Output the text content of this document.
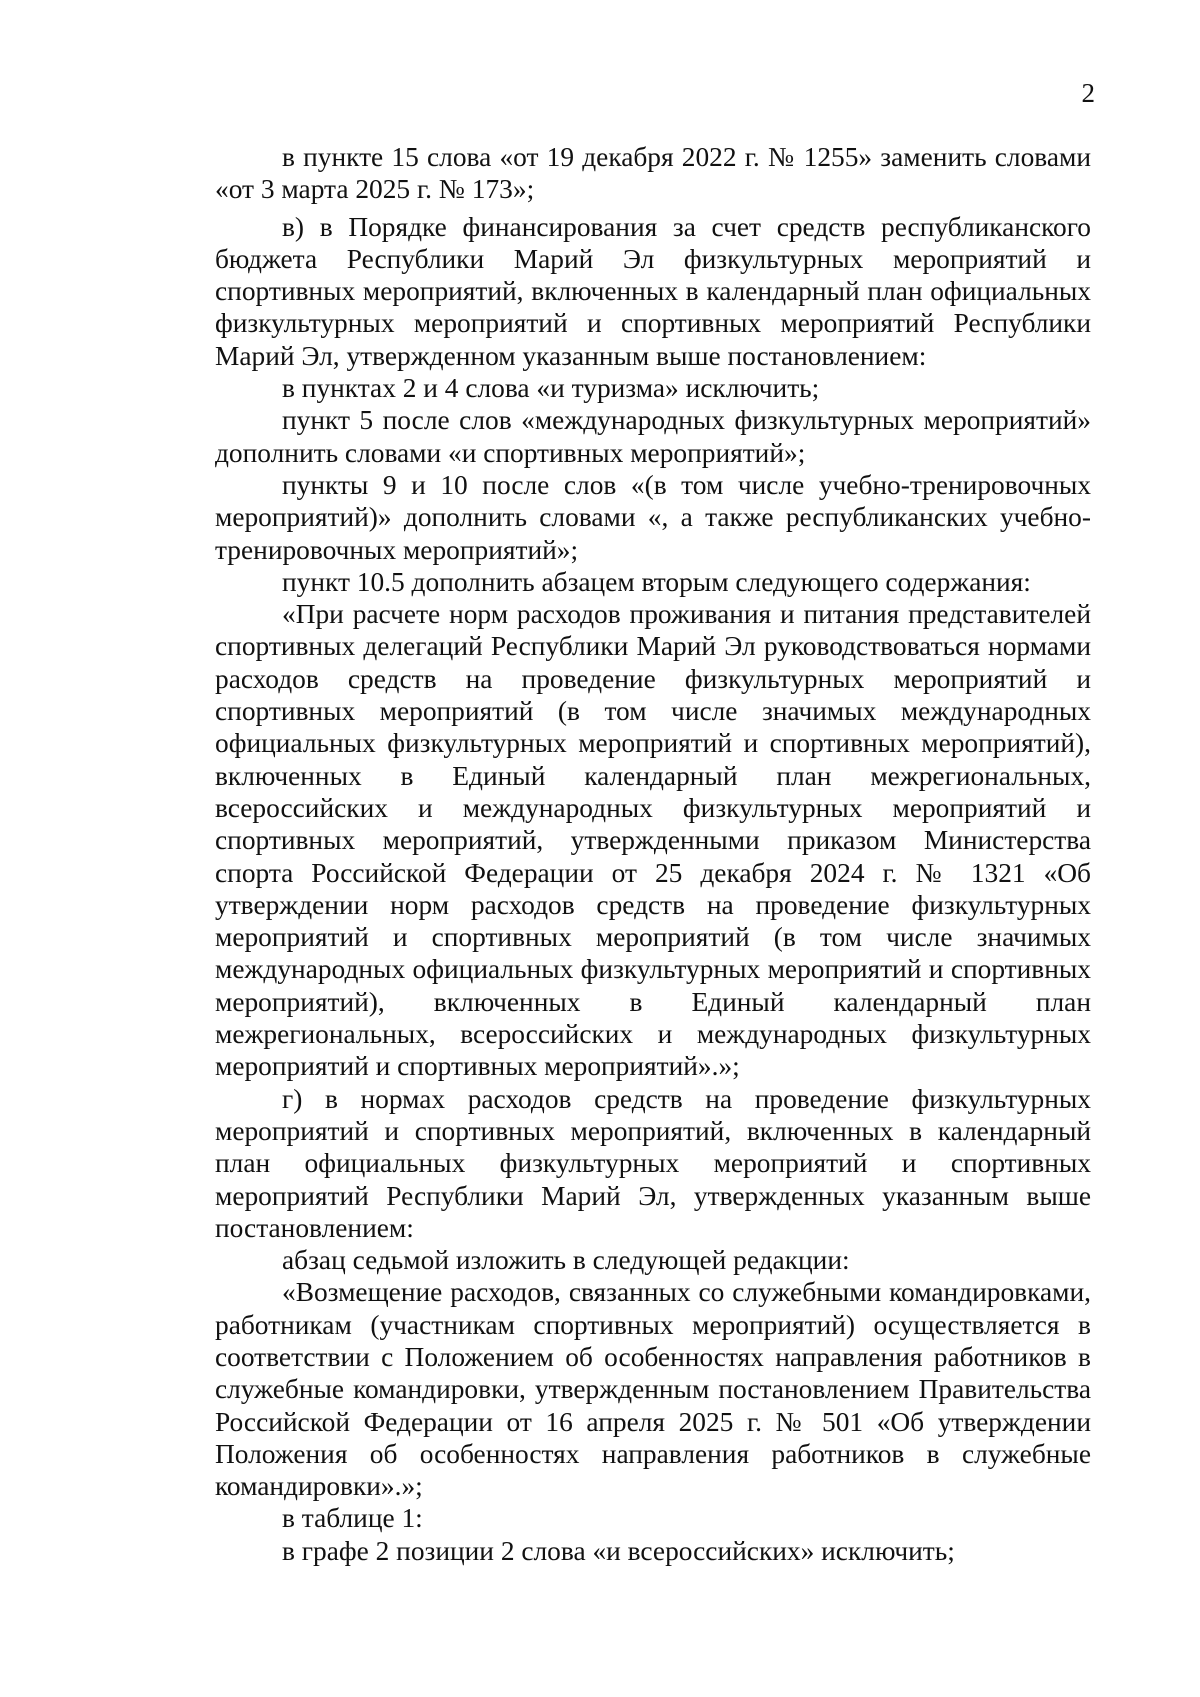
2

в пункте 15 слова «от 19 декабря 2022 г. № 1255» заменить словами «от 3 марта 2025 г. № 173»;

в) в Порядке финансирования за счет средств республиканского бюджета Республики Марий Эл физкультурных мероприятий и спортивных мероприятий, включенных в календарный план официальных физкультурных мероприятий и спортивных мероприятий Республики Марий Эл, утвержденном указанным выше постановлением:

в пунктах 2 и 4 слова «и туризма» исключить;

пункт 5 после слов «международных физкультурных мероприятий» дополнить словами «и спортивных мероприятий»;

пункты 9 и 10 после слов «(в том числе учебно-тренировочных мероприятий)» дополнить словами «, а также республиканских учебно-тренировочных мероприятий»;

пункт 10.5 дополнить абзацем вторым следующего содержания:

«При расчете норм расходов проживания и питания представителей спортивных делегаций Республики Марий Эл руководствоваться нормами расходов средств на проведение физкультурных мероприятий и спортивных мероприятий (в том числе значимых международных официальных физкультурных мероприятий и спортивных мероприятий), включенных в Единый календарный план межрегиональных, всероссийских и международных физкультурных мероприятий и спортивных мероприятий, утвержденными приказом Министерства спорта Российской Федерации от 25 декабря 2024 г. № 1321 «Об утверждении норм расходов средств на проведение физкультурных мероприятий и спортивных мероприятий (в том числе значимых международных официальных физкультурных мероприятий и спортивных мероприятий), включенных в Единый календарный план межрегиональных, всероссийских и международных физкультурных мероприятий и спортивных мероприятий».»;

г) в нормах расходов средств на проведение физкультурных мероприятий и спортивных мероприятий, включенных в календарный план официальных физкультурных мероприятий и спортивных мероприятий Республики Марий Эл, утвержденных указанным выше постановлением:

абзац седьмой изложить в следующей редакции:

«Возмещение расходов, связанных со служебными командировками, работникам (участникам спортивных мероприятий) осуществляется в соответствии с Положением об особенностях направления работников в служебные командировки, утвержденным постановлением Правительства Российской Федерации от 16 апреля 2025 г. № 501 «Об утверждении Положения об особенностях направления работников в служебные командировки».»;

в таблице 1:

в графе 2 позиции 2 слова «и всероссийских» исключить;
